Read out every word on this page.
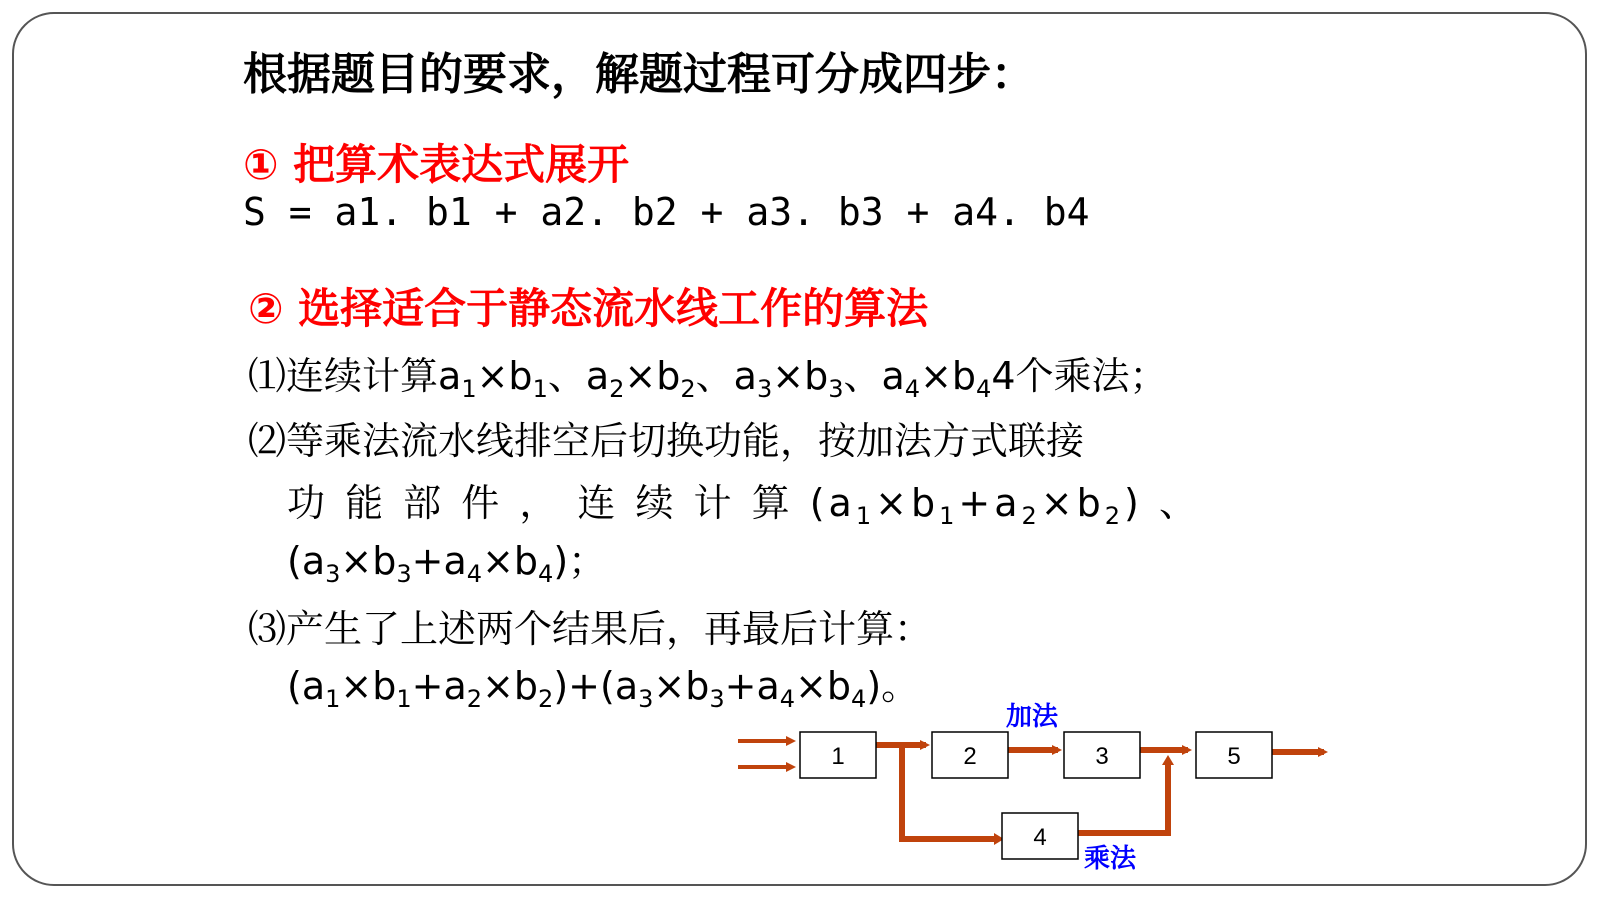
根据题目的要求，解题过程可分成四步：
① 把算术表达式展开
S = a1. b1 + a2. b2 + a3. b3 + a4. b4
② 选择适合于静态流水线工作的算法
⑴连续计算$a_1\times b_1$、$a_2\times b_2$、$a_3\times b_3$、$a_4\times b_44$个乘法；
⑵等乘法流水线排空后切换功能，按加法方式联接
功 能 部 件 ， 连 续 计 算 $(a_1\times b_1+a_2\times b_2)$ 、
$(a_3\times b_3+a_4\times b_4)$；
⑶产生了上述两个结果后，再最后计算：
$(a_1\times b_1+a_2\times b_2)+(a_3\times b_3+a_4\times b_4)$。
1	2	3
4
5
加法
乘法
